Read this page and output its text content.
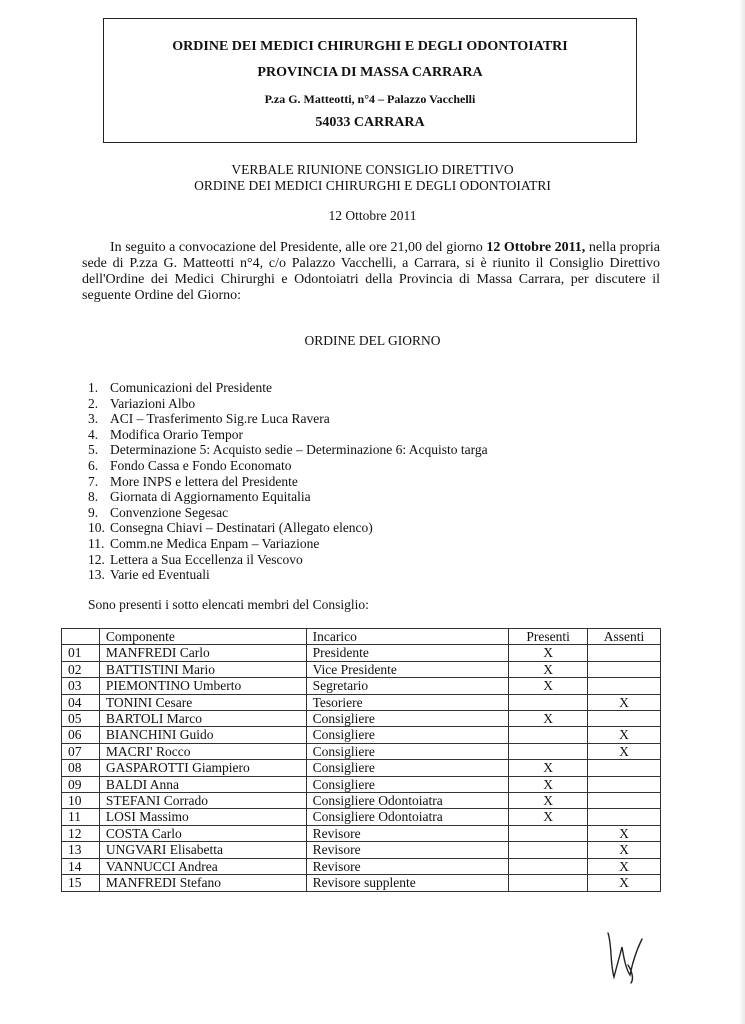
ORDINE DEI MEDICI CHIRURGHI E DEGLI ODONTOIATRI
PROVINCIA DI MASSA CARRARA
P.za G. Matteotti, n°4 – Palazzo Vacchelli
54033 CARRARA
VERBALE RIUNIONE CONSIGLIO DIRETTIVO
ORDINE DEI MEDICI CHIRURGHI E DEGLI ODONTOIATRI
12 Ottobre 2011
In seguito a convocazione del Presidente, alle ore 21,00 del giorno 12 Ottobre 2011, nella propria sede di P.zza G. Matteotti n°4, c/o Palazzo Vacchelli, a Carrara, si è riunito il Consiglio Direttivo dell'Ordine dei Medici Chirurghi e Odontoiatri della Provincia di Massa Carrara, per discutere il seguente Ordine del Giorno:
ORDINE DEL GIORNO
1. Comunicazioni del Presidente
2. Variazioni Albo
3. ACI – Trasferimento Sig.re Luca Ravera
4. Modifica Orario Tempor
5. Determinazione 5: Acquisto sedie – Determinazione 6: Acquisto targa
6. Fondo Cassa e Fondo Economato
7. More INPS e lettera del Presidente
8. Giornata di Aggiornamento Equitalia
9. Convenzione Segesac
10. Consegna Chiavi – Destinatari (Allegato elenco)
11. Comm.ne Medica Enpam – Variazione
12. Lettera a Sua Eccellenza il Vescovo
13. Varie ed Eventuali
Sono presenti i sotto elencati membri del Consiglio:
	Componente	Incarico	Presenti	Assenti
01	MANFREDI Carlo	Presidente	X	
02	BATTISTINI Mario	Vice Presidente	X	
03	PIEMONTINO Umberto	Segretario	X	
04	TONINI Cesare	Tesoriere		X
05	BARTOLI Marco	Consigliere	X	
06	BIANCHINI Guido	Consigliere		X
07	MACRI' Rocco	Consigliere		X
08	GASPAROTTI Giampiero	Consigliere	X	
09	BALDI Anna	Consigliere	X	
10	STEFANI Corrado	Consigliere Odontoiatra	X	
11	LOSI Massimo	Consigliere Odontoiatra	X	
12	COSTA Carlo	Revisore		X
13	UNGVARI Elisabetta	Revisore		X
14	VANNUCCI Andrea	Revisore		X
15	MANFREDI Stefano	Revisore supplente		X
